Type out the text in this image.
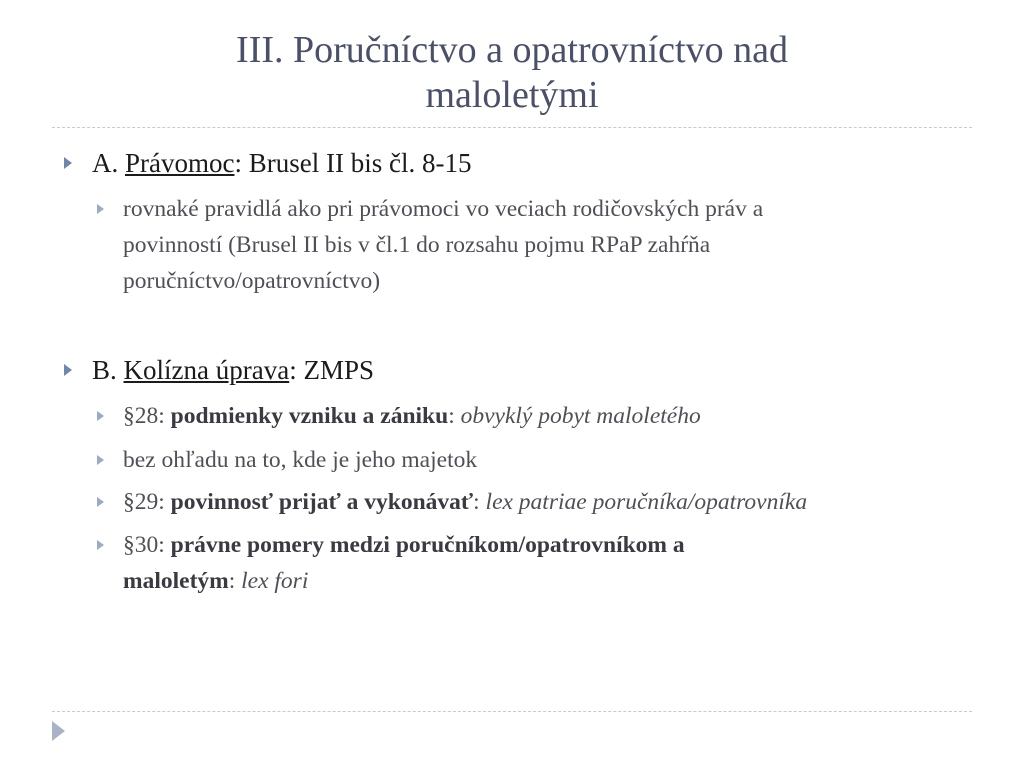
III. Poručníctvo a opatrovníctvo nad
maloletými
A. Právomoc: Brusel II bis čl. 8-15
rovnaké pravidlá ako pri právomoci vo veciach rodičovských práv a
povinností (Brusel II bis v čl.1 do rozsahu pojmu RPaP zahŕňa
poručníctvo/opatrovníctvo)
B. Kolízna úprava: ZMPS
§28: podmienky vzniku a zániku: obvyklý pobyt maloletého
bez ohľadu na to, kde je jeho majetok
§29: povinnosť prijať a vykonávať: lex patriae poručníka/opatrovníka
§30: právne pomery medzi poručníkom/opatrovníkom a
maloletým: lex fori
